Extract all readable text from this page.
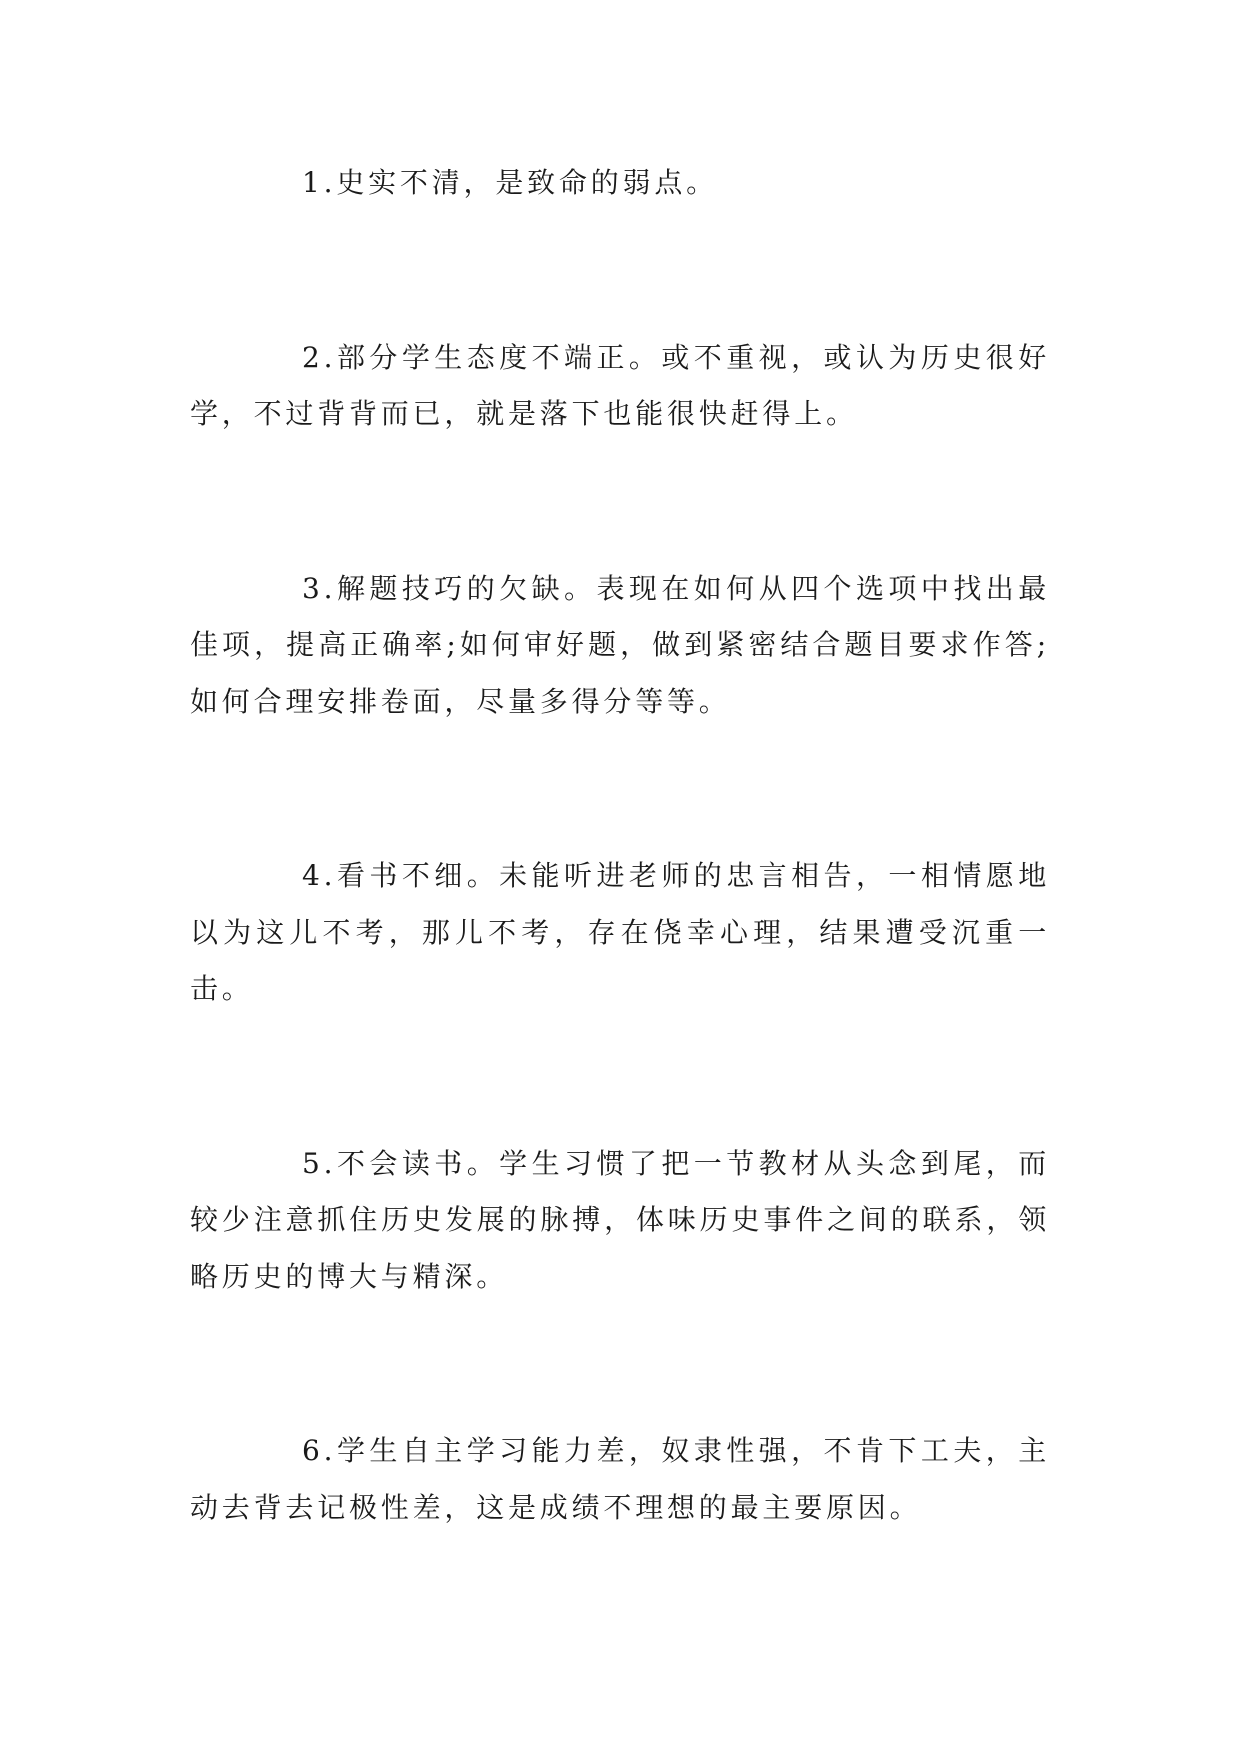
1.史实不清，是致命的弱点。

2.部分学生态度不端正。或不重视，或认为历史很好学，不过背背而已，就是落下也能很快赶得上。

3.解题技巧的欠缺。表现在如何从四个选项中找出最佳项，提高正确率;如何审好题，做到紧密结合题目要求作答;如何合理安排卷面，尽量多得分等等。

4.看书不细。未能听进老师的忠言相告，一相情愿地以为这儿不考，那儿不考，存在侥幸心理，结果遭受沉重一击。

5.不会读书。学生习惯了把一节教材从头念到尾，而较少注意抓住历史发展的脉搏，体味历史事件之间的联系，领略历史的博大与精深。

6.学生自主学习能力差，奴隶性强，不肯下工夫，主动去背去记极性差，这是成绩不理想的最主要原因。
